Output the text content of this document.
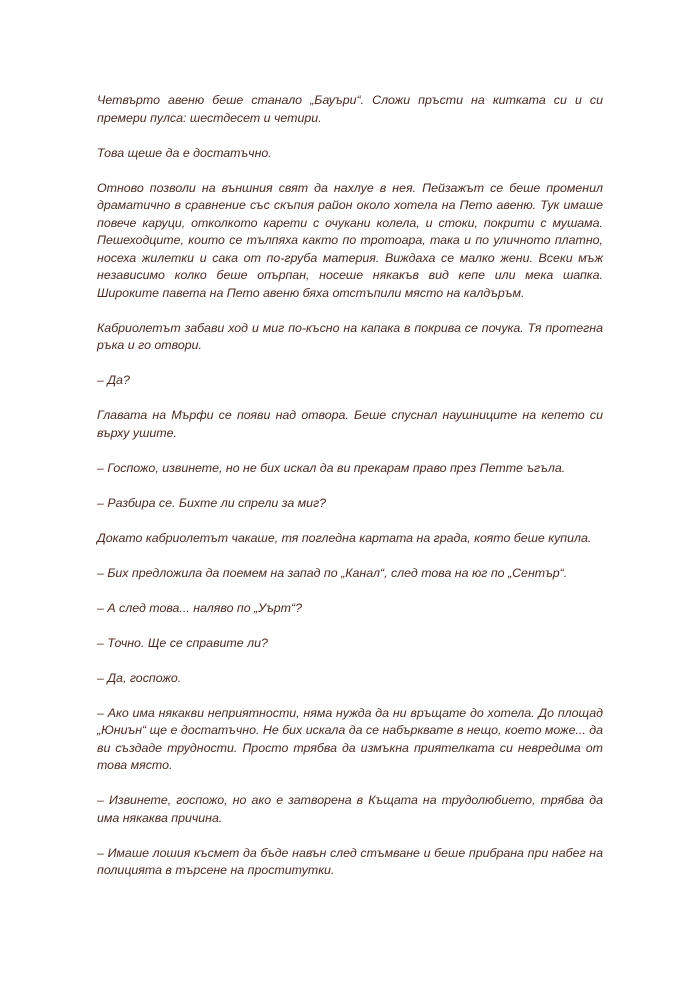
Четвърто авеню беше станало „Бауъри“. Сложи пръсти на китката си и си премери пулса: шестдесет и четири.

Това щеше да е достатъчно.

Отново позволи на външния свят да нахлуе в нея. Пейзажът се беше променил драматично в сравнение със скъпия район около хотела на Пето авеню. Тук имаше повече каруци, отколкото карети с очукани колела, и стоки, покрити с мушама. Пешеходците, които се тълпяха както по тротоара, така и по уличното платно, носеха жилетки и сака от по-груба материя. Виждаха се малко жени. Всеки мъж независимо колко беше опърпан, носеше някакъв вид кепе или мека шапка. Широките павета на Пето авеню бяха отстъпили място на калдъръм.

Кабриолетът забави ход и миг по-късно на капака в покрива се почука. Тя протегна ръка и го отвори.

– Да?

Главата на Мърфи се появи над отвора. Беше спуснал наушниците на кепето си върху ушите.

– Госпожо, извинете, но не бих искал да ви прекарам право през Петте ъгъла.

– Разбира се. Бихте ли спрели за миг?

Докато кабриолетът чакаше, тя погледна картата на града, която беше купила.

– Бих предложила да поемем на запад по „Канал“, след това на юг по „Сентър“.

– А след това... наляво по „Уърт“?

– Точно. Ще се справите ли?

– Да, госпожо.

– Ако има някакви неприятности, няма нужда да ни връщате до хотела. До площад „Юниън“ ще е достатъчно. Не бих искала да се набърквате в нещо, което може... да ви създаде трудности. Просто трябва да измъкна приятелката си невредима от това място.

– Извинете, госпожо, но ако е затворена в Къщата на трудолюбието, трябва да има някаква причина.

– Имаше лошия късмет да бъде навън след стъмване и беше прибрана при набег на полицията в търсене на проститутки.
